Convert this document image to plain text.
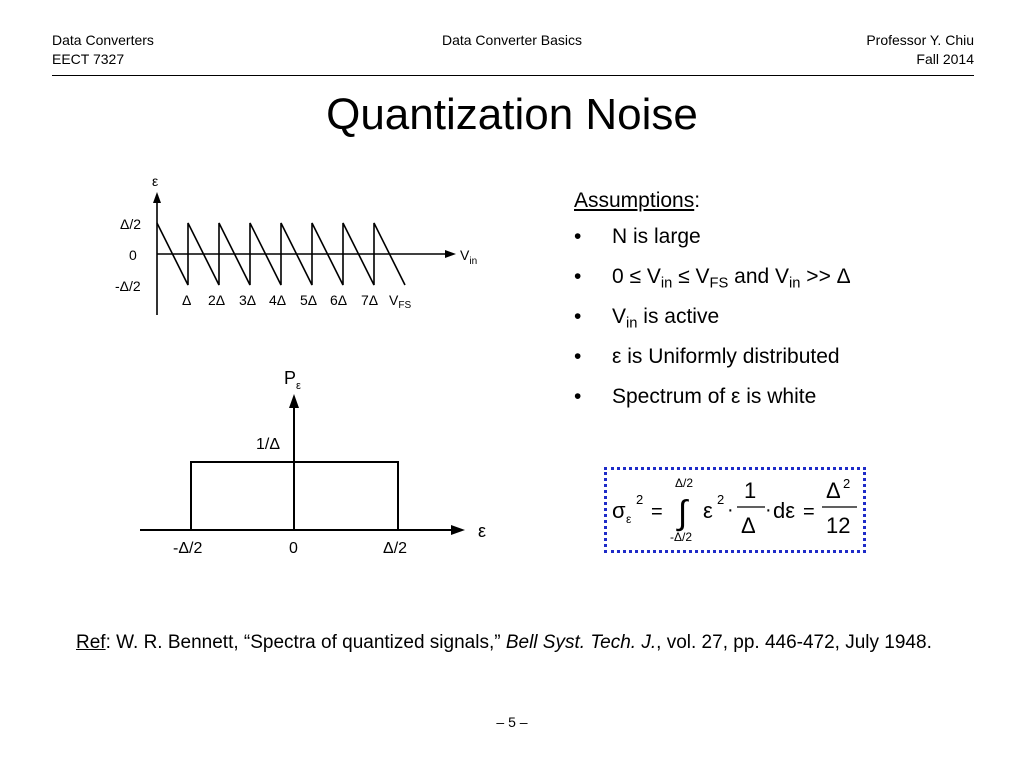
Data Converters
EECT 7327
Data Converter Basics	Professor Y. Chiu
Fall 2014
Quantization Noise
ε
Δ/2
0
-Δ/2
$V_{in}$
Δ 2Δ 3Δ 4Δ 5Δ 6Δ 7Δ $V_{FS}$
$P_\varepsilon$
1/Δ
ε
-Δ/2	0	Δ/2
σ ε
2
=
Δ/2
∫
-Δ/2
ε 2 ·
1
Δ
· dε =
Δ 2
12
Assumptions:
•	N is large
•	$0 \le V_{in} \le V_{FS}$ and $V_{in} >> \Delta$
•	$V_{in}$ is active
•	ε is Uniformly distributed
•	Spectrum of ε is white
Ref: W. R. Bennett, “Spectra of quantized signals,” Bell Syst. Tech. J., vol. 27, pp. 446-472, July 1948.
– 5 –
